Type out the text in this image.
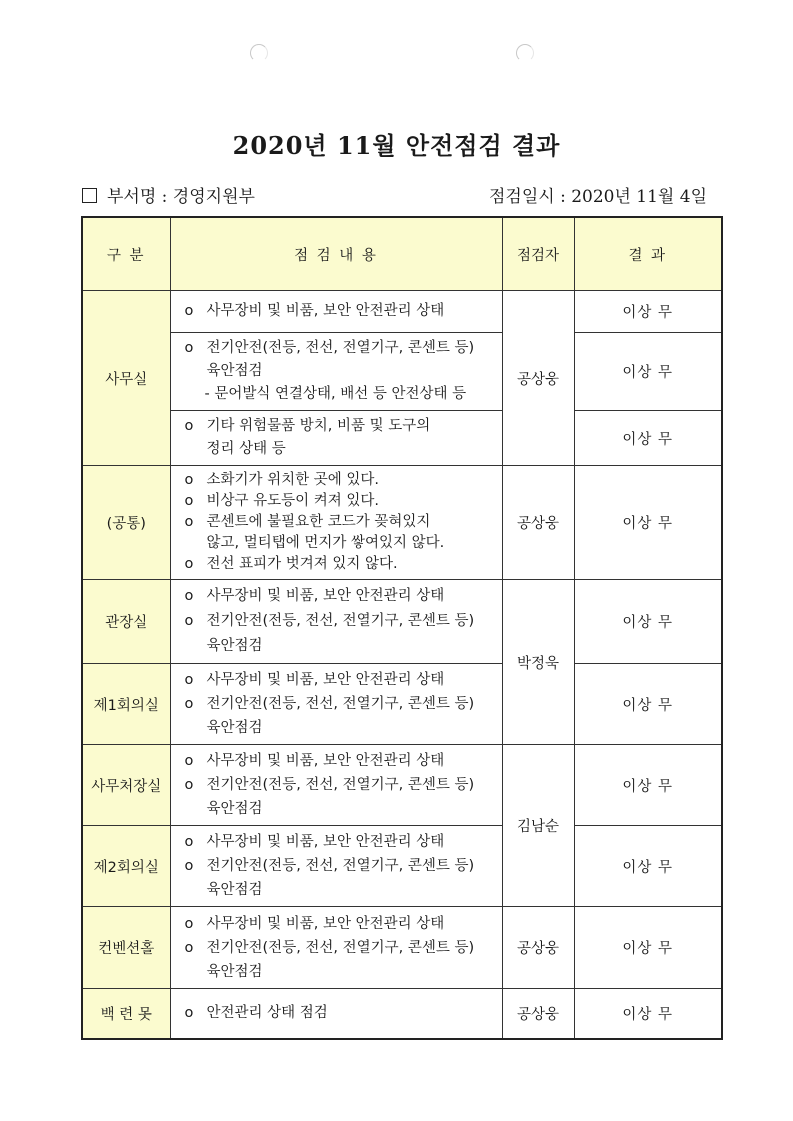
2020년 11월 안전점검 결과
부서명 : 경영지원부	점검일시 : 2020년 11월 4일
구 분	점 검 내 용	점검자	결 과
사무실	o 사무장비 및 비품, 보안 안전관리 상태	공상웅	이상 무

	o 전기안전(전등, 전선, 전열기구, 콘센트 등)
육안점검
- 문어발식 연결상태, 배선 등 안전상태 등		이상 무

	o 기타 위험물품 방치, 비품 및 도구의
정리 상태 등		이상 무
(공통)	o 소화기가 위치한 곳에 있다.
o 비상구 유도등이 켜져 있다.
o 콘센트에 불필요한 코드가 꽂혀있지
않고, 멀티탭에 먼지가 쌓여있지 않다.
o 전선 표피가 벗겨져 있지 않다.	공상웅	이상 무
관장실	o 사무장비 및 비품, 보안 안전관리 상태
o 전기안전(전등, 전선, 전열기구, 콘센트 등)
육안점검	박정욱	이상 무
제1회의실	o 사무장비 및 비품, 보안 안전관리 상태
o 전기안전(전등, 전선, 전열기구, 콘센트 등)
육안점검		이상 무
사무처장실	o 사무장비 및 비품, 보안 안전관리 상태
o 전기안전(전등, 전선, 전열기구, 콘센트 등)
육안점검	김남순	이상 무
제2회의실	o 사무장비 및 비품, 보안 안전관리 상태
o 전기안전(전등, 전선, 전열기구, 콘센트 등)
육안점검		이상 무
컨벤션홀	o 사무장비 및 비품, 보안 안전관리 상태
o 전기안전(전등, 전선, 전열기구, 콘센트 등)
육안점검	공상웅	이상 무
백 련 못	o 안전관리 상태 점검	공상웅	이상 무
